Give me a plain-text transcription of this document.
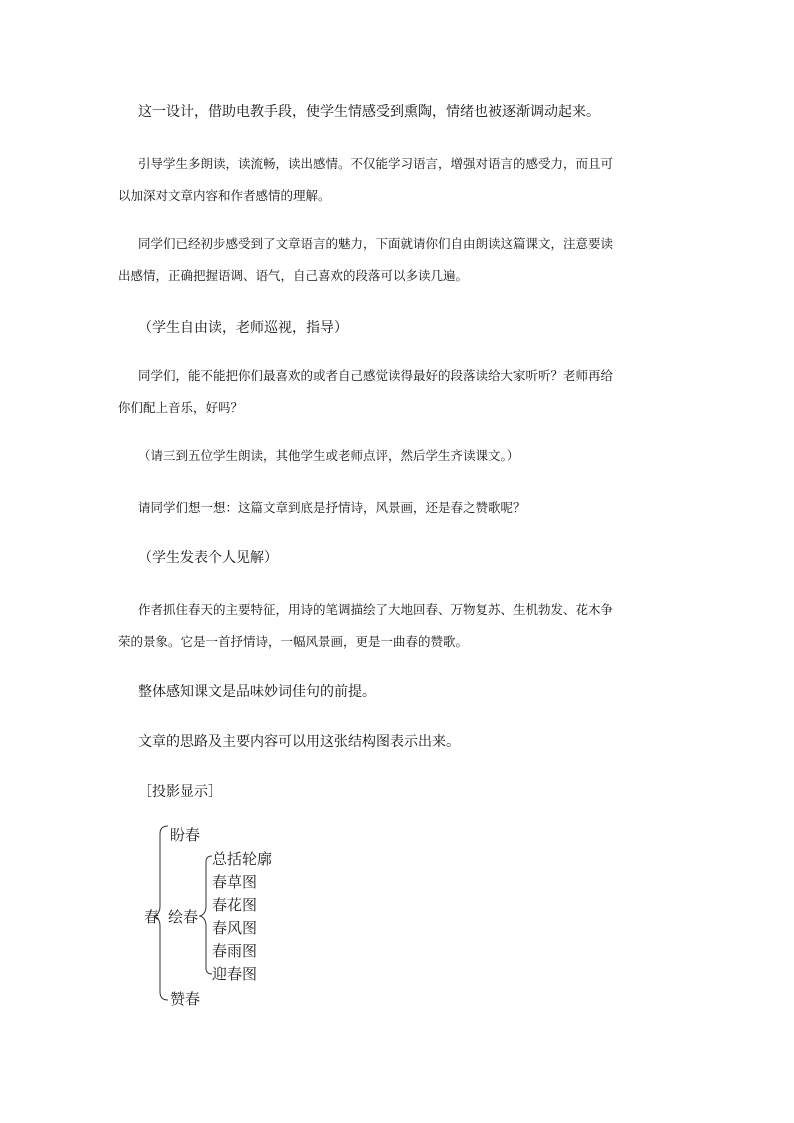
这一设计，借助电教手段，使学生情感受到熏陶，情绪也被逐渐调动起来。
引导学生多朗读，读流畅，读出感情。不仅能学习语言，增强对语言的感受力，而且可以加深对文章内容和作者感情的理解。
同学们已经初步感受到了文章语言的魅力，下面就请你们自由朗读这篇课文，注意要读出感情，正确把握语调、语气，自己喜欢的段落可以多读几遍。
（学生自由读，老师巡视，指导）
同学们，能不能把你们最喜欢的或者自己感觉读得最好的段落读给大家听听？老师再给你们配上音乐，好吗？
（请三到五位学生朗读，其他学生或老师点评，然后学生齐读课文。）
请同学们想一想：这篇文章到底是抒情诗，风景画，还是春之赞歌呢？
（学生发表个人见解）
作者抓住春天的主要特征，用诗的笔调描绘了大地回春、万物复苏、生机勃发、花木争荣的景象。它是一首抒情诗，一幅风景画，更是一曲春的赞歌。
整体感知课文是品味妙词佳句的前提。
文章的思路及主要内容可以用这张结构图表示出来。
［投影显示］
春
盼春
绘春
赞春
总括轮廓
春草图
春花图
春风图
春雨图
迎春图
